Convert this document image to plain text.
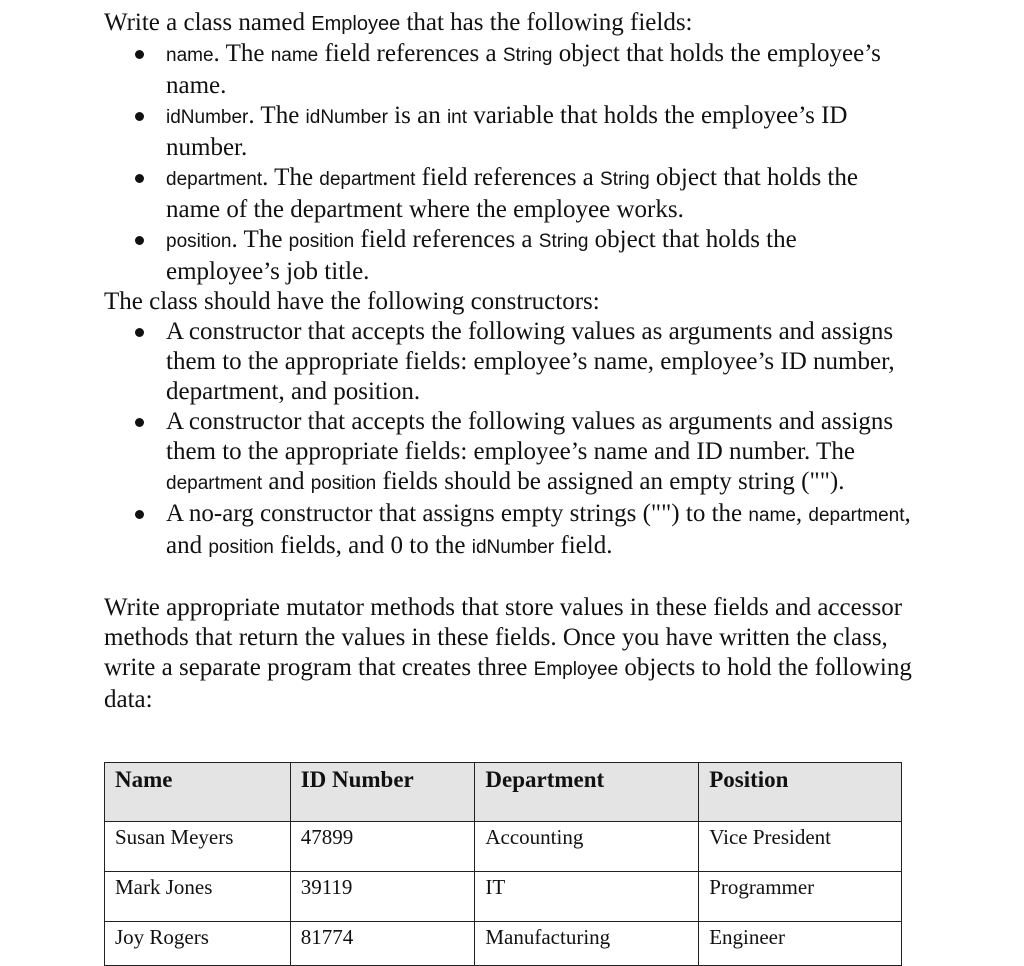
Write a class named Employee that has the following fields:

name. The name field references a String object that holds the employee’s name.
idNumber. The idNumber is an int variable that holds the employee’s ID number.
department. The department field references a String object that holds the name of the department where the employee works.
position. The position field references a String object that holds the employee’s job title.

The class should have the following constructors:

A constructor that accepts the following values as arguments and assigns them to the appropriate fields: employee’s name, employee’s ID number, department, and position.
A constructor that accepts the following values as arguments and assigns them to the appropriate fields: employee’s name and ID number. The department and position fields should be assigned an empty string ("").
A no-arg constructor that assigns empty strings ("") to the name, department, and position fields, and 0 to the idNumber field.

Write appropriate mutator methods that store values in these fields and accessor methods that return the values in these fields. Once you have written the class, write a separate program that creates three Employee objects to hold the following data:

Name	ID Number	Department	Position
Susan Meyers	47899	Accounting	Vice President
Mark Jones	39119	IT	Programmer
Joy Rogers	81774	Manufacturing	Engineer
